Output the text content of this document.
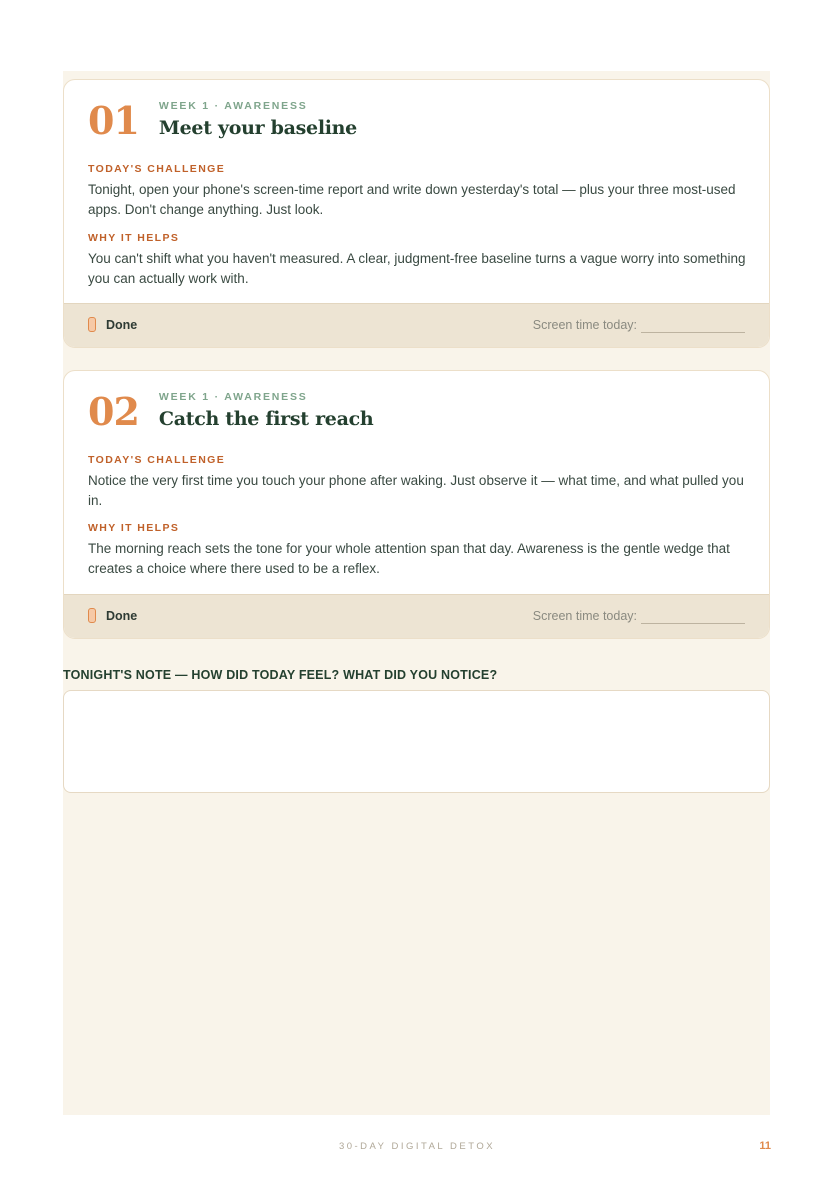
01 WEEK 1 · AWARENESS
Meet your baseline
TODAY'S CHALLENGE
Tonight, open your phone's screen-time report and write down yesterday's total — plus your three most-used apps. Don't change anything. Just look.
WHY IT HELPS
You can't shift what you haven't measured. A clear, judgment-free baseline turns a vague worry into something you can actually work with.
Done	Screen time today:
02 WEEK 1 · AWARENESS
Catch the first reach
TODAY'S CHALLENGE
Notice the very first time you touch your phone after waking. Just observe it — what time, and what pulled you in.
WHY IT HELPS
The morning reach sets the tone for your whole attention span that day. Awareness is the gentle wedge that creates a choice where there used to be a reflex.
Done	Screen time today:
TONIGHT'S NOTE — HOW DID TODAY FEEL? WHAT DID YOU NOTICE?
30-DAY DIGITAL DETOX	11
